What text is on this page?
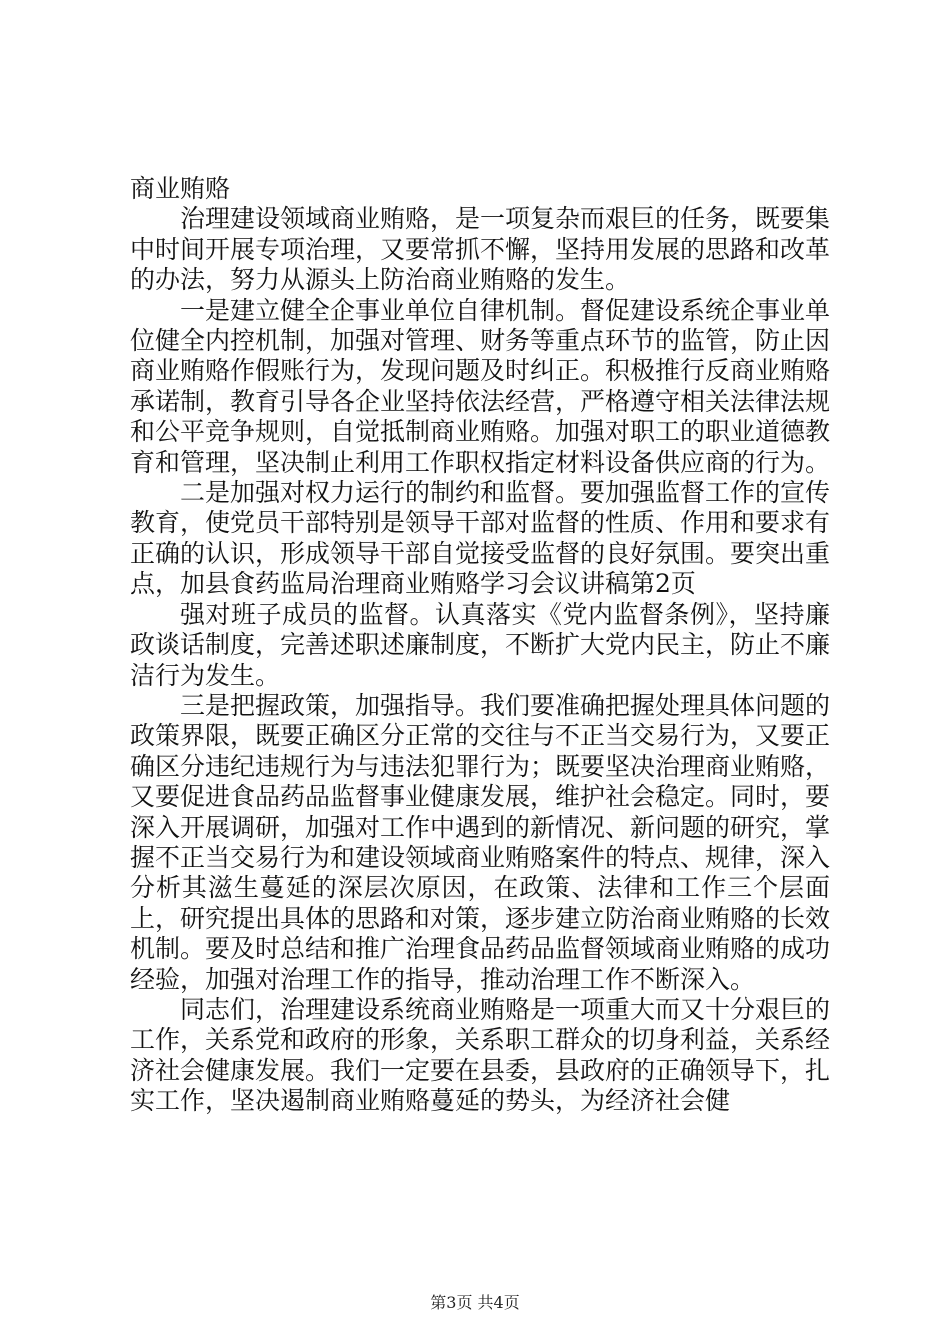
商业贿赂

治理建设领域商业贿赂，是一项复杂而艰巨的任务，既要集中时间开展专项治理，又要常抓不懈，坚持用发展的思路和改革的办法，努力从源头上防治商业贿赂的发生。

一是建立健全企事业单位自律机制。督促建设系统企事业单位健全内控机制，加强对管理、财务等重点环节的监管，防止因商业贿赂作假账行为，发现问题及时纠正。积极推行反商业贿赂承诺制，教育引导各企业坚持依法经营，严格遵守相关法律法规和公平竞争规则，自觉抵制商业贿赂。加强对职工的职业道德教育和管理，坚决制止利用工作职权指定材料设备供应商的行为。

二是加强对权力运行的制约和监督。要加强监督工作的宣传教育，使党员干部特别是领导干部对监督的性质、作用和要求有正确的认识，形成领导干部自觉接受监督的良好氛围。要突出重点，加县食药监局治理商业贿赂学习会议讲稿第2页

强对班子成员的监督。认真落实《党内监督条例》，坚持廉政谈话制度，完善述职述廉制度，不断扩大党内民主，防止不廉洁行为发生。

三是把握政策，加强指导。我们要准确把握处理具体问题的政策界限，既要正确区分正常的交往与不正当交易行为，又要正确区分违纪违规行为与违法犯罪行为；既要坚决治理商业贿赂，又要促进食品药品监督事业健康发展，维护社会稳定。同时，要深入开展调研，加强对工作中遇到的新情况、新问题的研究，掌握不正当交易行为和建设领域商业贿赂案件的特点、规律，深入分析其滋生蔓延的深层次原因，在政策、法律和工作三个层面上，研究提出具体的思路和对策，逐步建立防治商业贿赂的长效机制。要及时总结和推广治理食品药品监督领域商业贿赂的成功经验，加强对治理工作的指导，推动治理工作不断深入。

同志们，治理建设系统商业贿赂是一项重大而又十分艰巨的工作，关系党和政府的形象，关系职工群众的切身利益，关系经济社会健康发展。我们一定要在县委，县政府的正确领导下，扎实工作，坚决遏制商业贿赂蔓延的势头，为经济社会健

第3页 共4页
